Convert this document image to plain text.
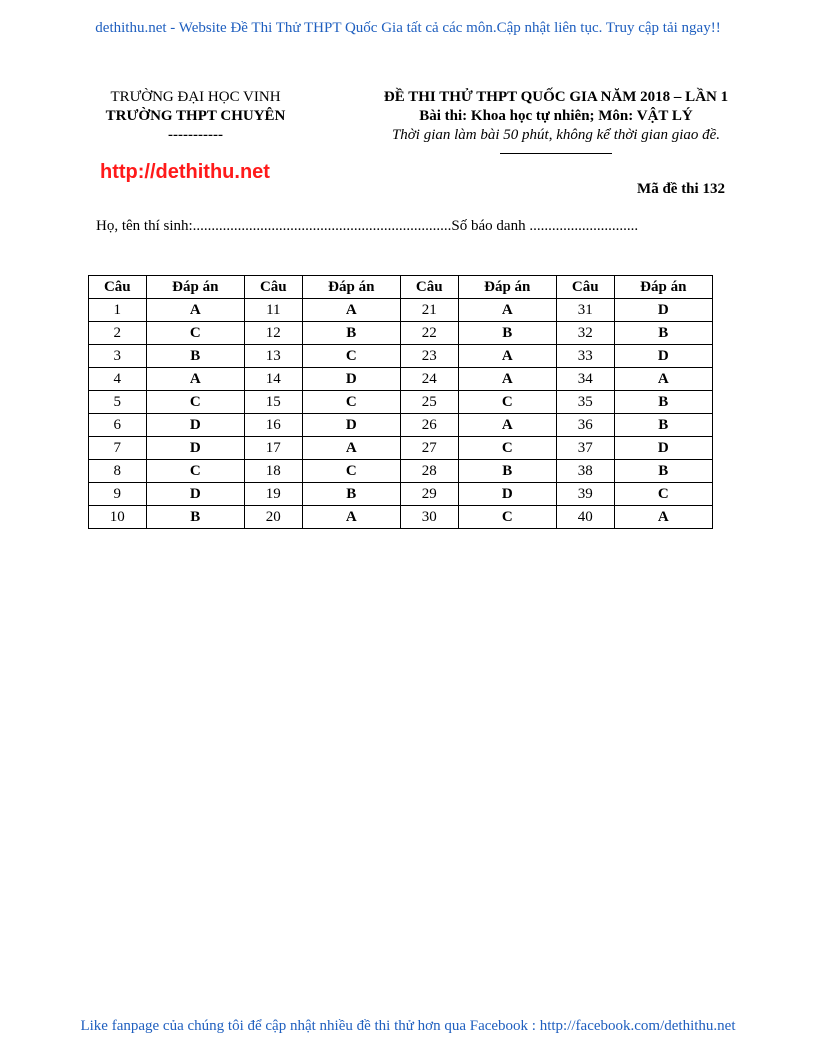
dethithu.net - Website Đề Thi Thử THPT Quốc Gia tất cả các môn.Cập nhật liên tục. Truy cập tải ngay!!
TRƯỜNG ĐẠI HỌC VINH
TRƯỜNG THPT CHUYÊN
-----------
ĐỀ THI THỬ THPT QUỐC GIA NĂM 2018 – LẦN 1
Bài thi: Khoa học tự nhiên; Môn: VẬT LÝ
Thời gian làm bài 50 phút, không kể thời gian giao đề.
http://dethithu.net
Mã đề thi 132
Họ, tên thí sinh:.....................................................................Số báo danh .............................
Câu	Đáp án	Câu	Đáp án	Câu	Đáp án	Câu	Đáp án
1	A	11	A	21	A	31	D
2	C	12	B	22	B	32	B
3	B	13	C	23	A	33	D
4	A	14	D	24	A	34	A
5	C	15	C	25	C	35	B
6	D	16	D	26	A	36	B
7	D	17	A	27	C	37	D
8	C	18	C	28	B	38	B
9	D	19	B	29	D	39	C
10	B	20	A	30	C	40	A
Like fanpage của chúng tôi để cập nhật nhiều đề thi thử hơn qua Facebook : http://facebook.com/dethithu.net
